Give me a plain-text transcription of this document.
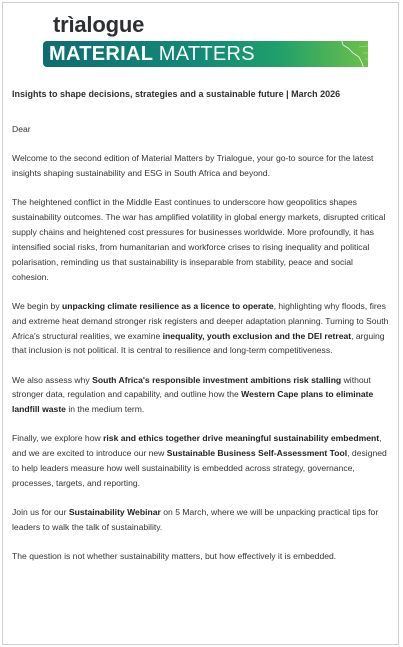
trìalogue
MATERIAL MATTERS
Insights to shape decisions, strategies and a sustainable future | March 2026

Dear

Welcome to the second edition of Material Matters by Trialogue, your go-to source for the latest insights shaping sustainability and ESG in South Africa and beyond.

The heightened conflict in the Middle East continues to underscore how geopolitics shapes sustainability outcomes. The war has amplified volatility in global energy markets, disrupted critical supply chains and heightened cost pressures for businesses worldwide. More profoundly, it has intensified social risks, from humanitarian and workforce crises to rising inequality and political polarisation, reminding us that sustainability is inseparable from stability, peace and social cohesion.

We begin by unpacking climate resilience as a licence to operate, highlighting why floods, fires and extreme heat demand stronger risk registers and deeper adaptation planning. Turning to South Africa's structural realities, we examine inequality, youth exclusion and the DEI retreat, arguing that inclusion is not political. It is central to resilience and long-term competitiveness.

We also assess why South Africa's responsible investment ambitions risk stalling without stronger data, regulation and capability, and outline how the Western Cape plans to eliminate landfill waste in the medium term.

Finally, we explore how risk and ethics together drive meaningful sustainability embedment, and we are excited to introduce our new Sustainable Business Self-Assessment Tool, designed to help leaders measure how well sustainability is embedded across strategy, governance, processes, targets, and reporting.

Join us for our Sustainability Webinar on 5 March, where we will be unpacking practical tips for leaders to walk the talk of sustainability.

The question is not whether sustainability matters, but how effectively it is embedded.
